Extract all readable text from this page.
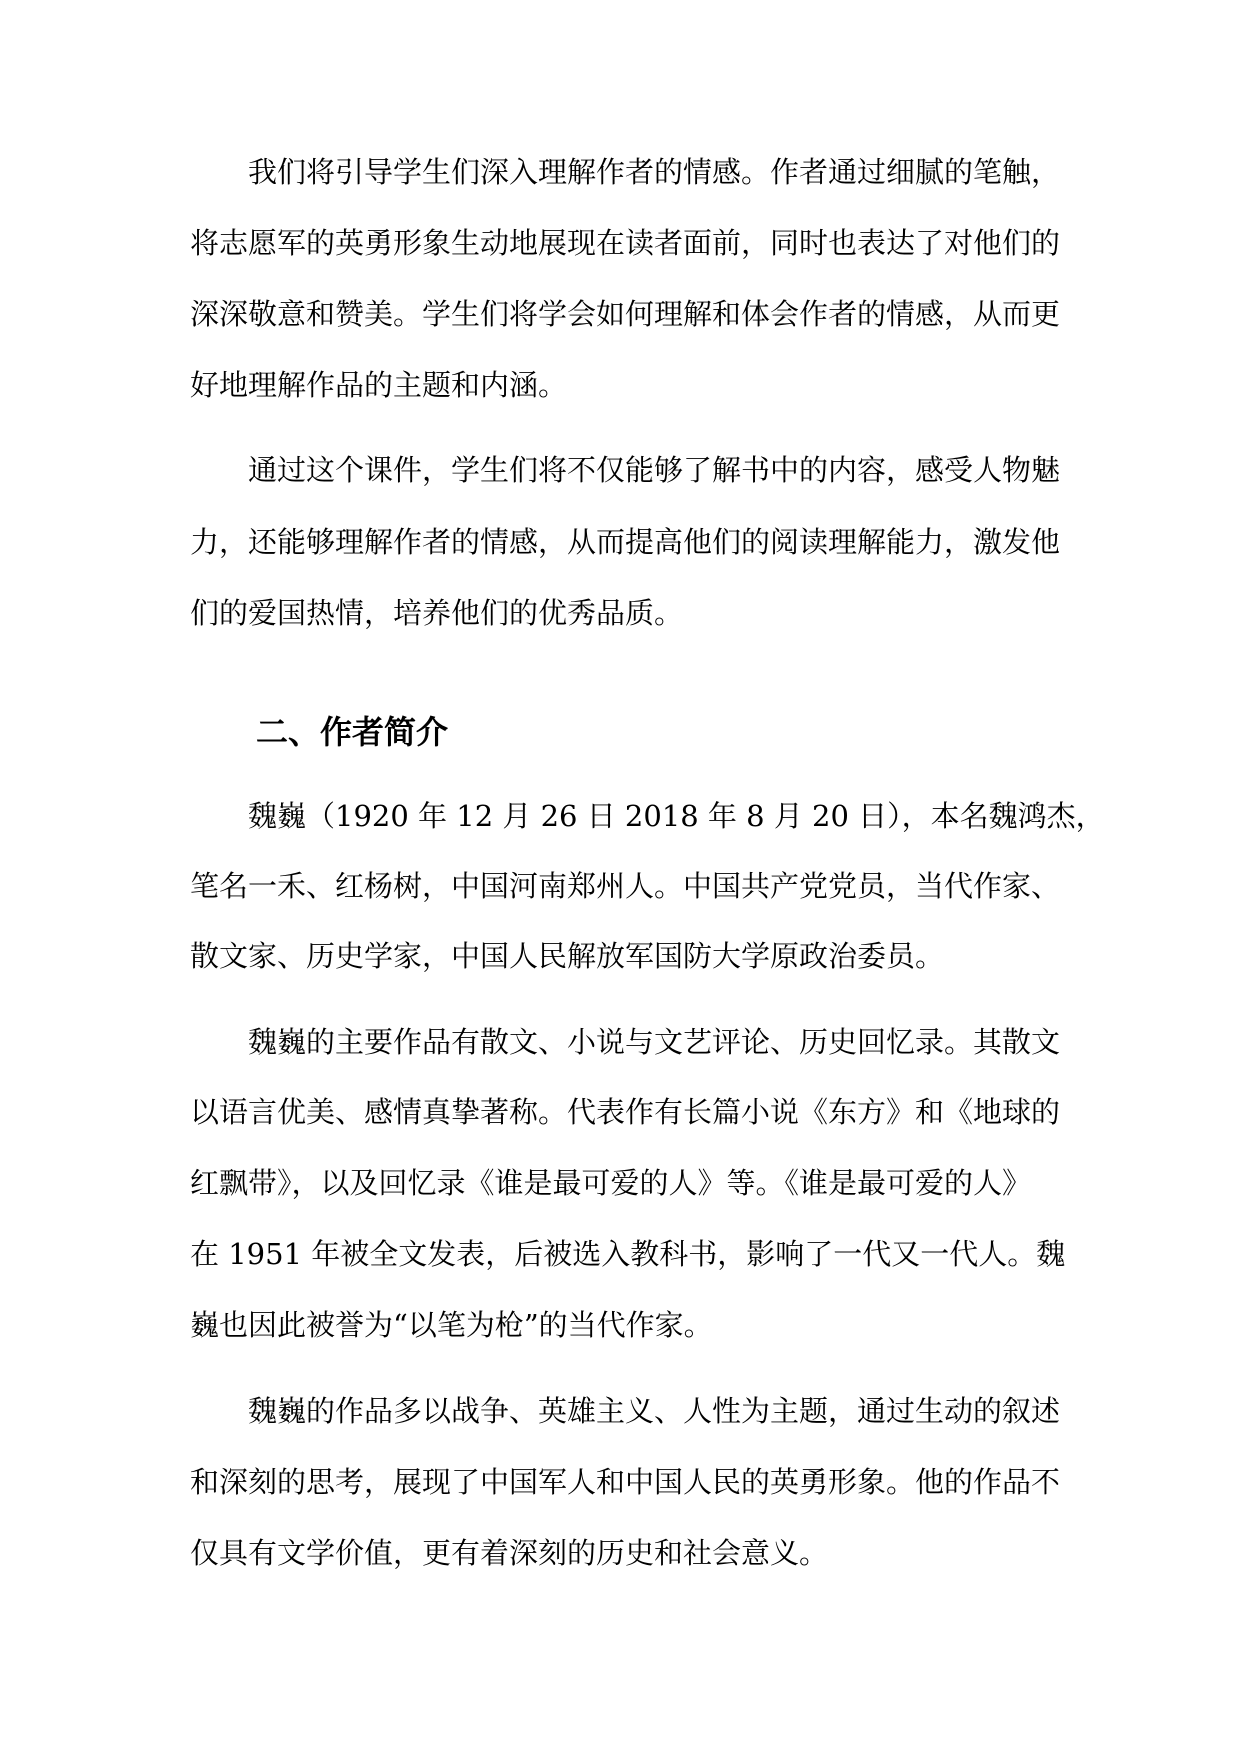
我们将引导学生们深入理解作者的情感。作者通过细腻的笔触，
将志愿军的英勇形象生动地展现在读者面前，同时也表达了对他们的
深深敬意和赞美。学生们将学会如何理解和体会作者的情感，从而更
好地理解作品的主题和内涵。
通过这个课件，学生们将不仅能够了解书中的内容，感受人物魅
力，还能够理解作者的情感，从而提高他们的阅读理解能力，激发他
们的爱国热情，培养他们的优秀品质。
二、作者简介
魏巍（1920 年 12 月 26 日 2018 年 8 月 20 日），本名魏鸿杰，
笔名一禾、红杨树，中国河南郑州人。中国共产党党员，当代作家、
散文家、历史学家，中国人民解放军国防大学原政治委员。
魏巍的主要作品有散文、小说与文艺评论、历史回忆录。其散文
以语言优美、感情真挚著称。代表作有长篇小说《东方》和《地球的
红飘带》，以及回忆录《谁是最可爱的人》等。《谁是最可爱的人》
在 1951 年被全文发表，后被选入教科书，影响了一代又一代人。魏
巍也因此被誉为“以笔为枪”的当代作家。
魏巍的作品多以战争、英雄主义、人性为主题，通过生动的叙述
和深刻的思考，展现了中国军人和中国人民的英勇形象。他的作品不
仅具有文学价值，更有着深刻的历史和社会意义。
